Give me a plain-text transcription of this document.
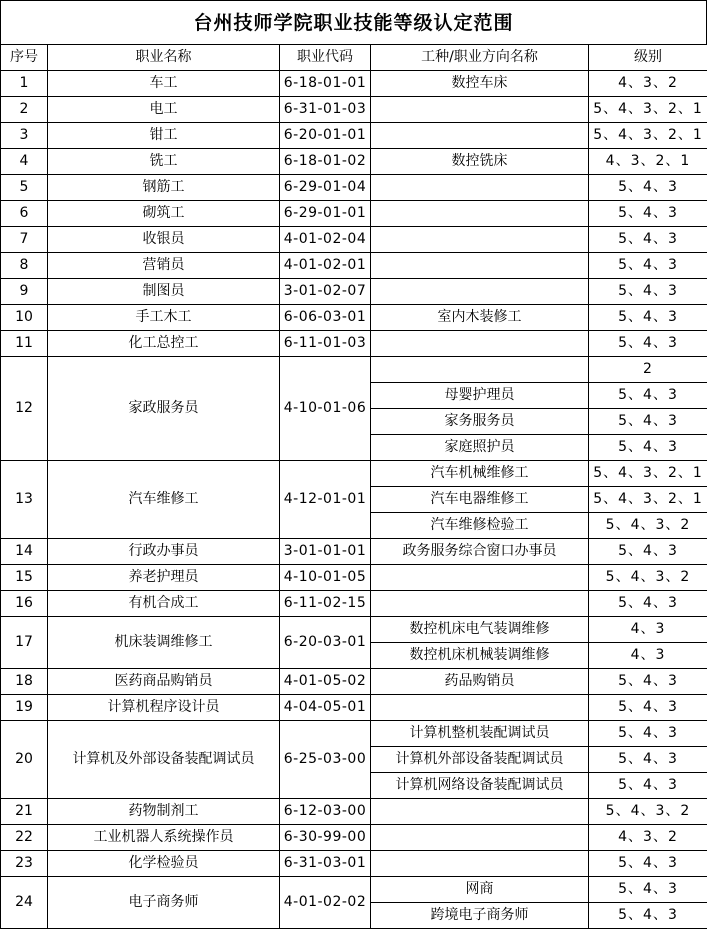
台州技师学院职业技能等级认定范围
序号	职业名称	职业代码	工种/职业方向名称	级别
1	车工	6-18-01-01	数控车床	4、3、2
2	电工	6-31-01-03		5、4、3、2、1
3	钳工	6-20-01-01		5、4、3、2、1
4	铣工	6-18-01-02	数控铣床	4、3、2、1
5	钢筋工	6-29-01-04		5、4、3
6	砌筑工	6-29-01-01		5、4、3
7	收银员	4-01-02-04		5、4、3
8	营销员	4-01-02-01		5、4、3
9	制图员	3-01-02-07		5、4、3
10	手工木工	6-06-03-01	室内木装修工	5、4、3
11	化工总控工	6-11-01-03		5、4、3
12	家政服务员	4-10-01-06		2
			母婴护理员	5、4、3
			家务服务员	5、4、3
			家庭照护员	5、4、3
13	汽车维修工	4-12-01-01	汽车机械维修工	5、4、3、2、1
			汽车电器维修工	5、4、3、2、1
			汽车维修检验工	5、4、3、2
14	行政办事员	3-01-01-01	政务服务综合窗口办事员	5、4、3
15	养老护理员	4-10-01-05		5、4、3、2
16	有机合成工	6-11-02-15		5、4、3
17	机床装调维修工	6-20-03-01	数控机床电气装调维修	4、3
			数控机床机械装调维修	4、3
18	医药商品购销员	4-01-05-02	药品购销员	5、4、3
19	计算机程序设计员	4-04-05-01		5、4、3
20	计算机及外部设备装配调试员	6-25-03-00	计算机整机装配调试员	5、4、3
			计算机外部设备装配调试员	5、4、3
			计算机网络设备装配调试员	5、4、3
21	药物制剂工	6-12-03-00		5、4、3、2
22	工业机器人系统操作员	6-30-99-00		4、3、2
23	化学检验员	6-31-03-01		5、4、3
24	电子商务师	4-01-02-02	网商	5、4、3
			跨境电子商务师	5、4、3
